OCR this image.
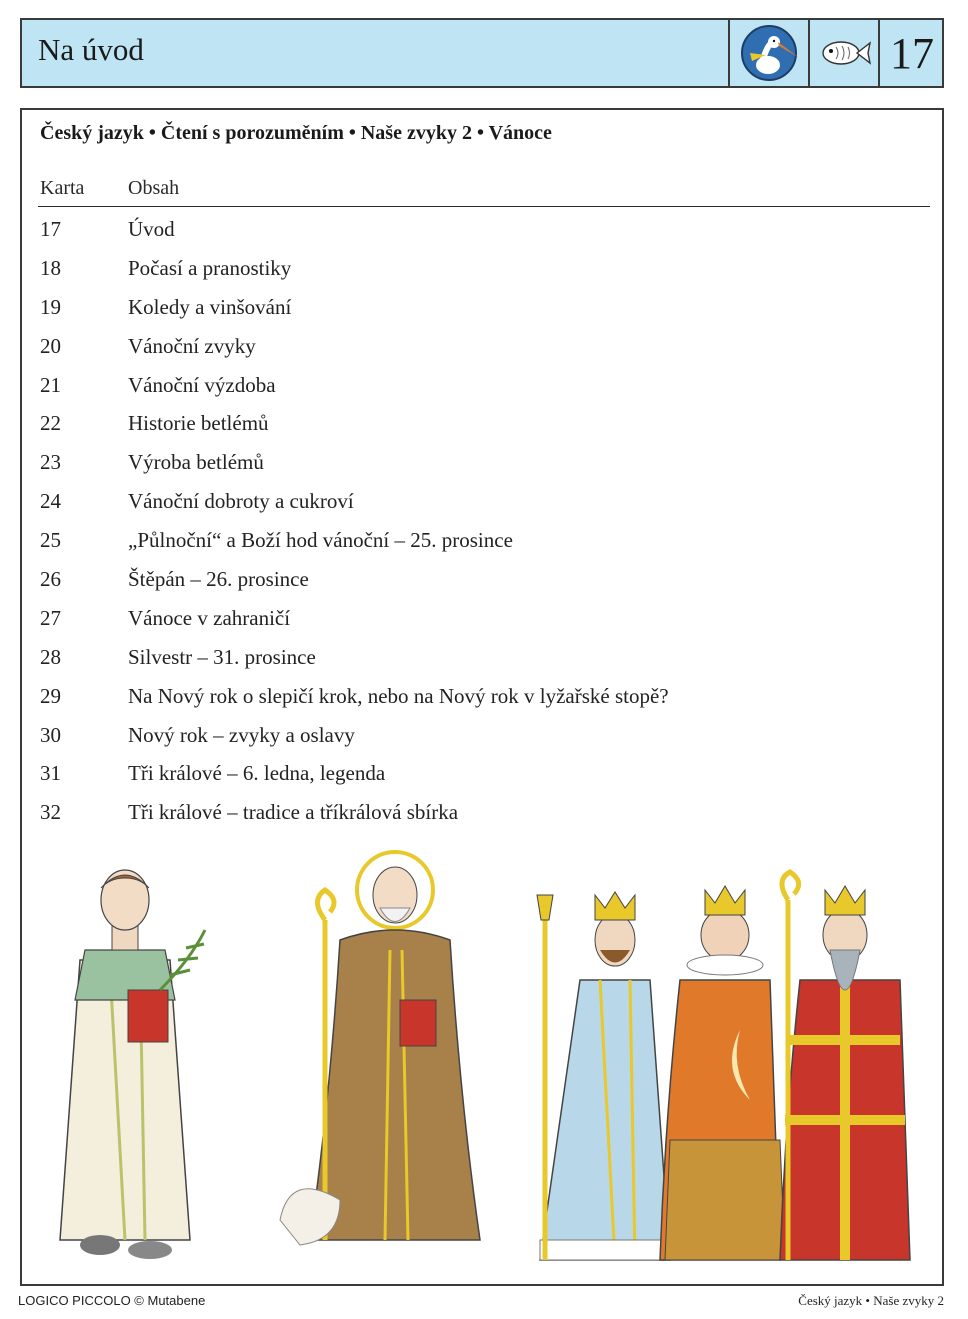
Na úvod	17
Český jazyk • Čtení s porozuměním • Naše zvyky 2 • Vánoce
Karta Obsah
17	Úvod
18	Počasí a pranostiky
19	Koledy a vinšování
20	Vánoční zvyky
21	Vánoční výzdoba
22	Historie betlémů
23	Výroba betlémů
24	Vánoční dobroty a cukroví
25	„Půlnoční“ a Boží hod vánoční – 25. prosince
26	Štěpán – 26. prosince
27	Vánoce v zahraničí
28	Silvestr – 31. prosince
29	Na Nový rok o slepičí krok, nebo na Nový rok v lyžařské stopě?
30	Nový rok – zvyky a oslavy
31	Tři králové – 6. ledna, legenda
32	Tři králové – tradice a tříkrálová sbírka
LOGICO PICCOLO © Mutabene	Český jazyk • Naše zvyky 2
